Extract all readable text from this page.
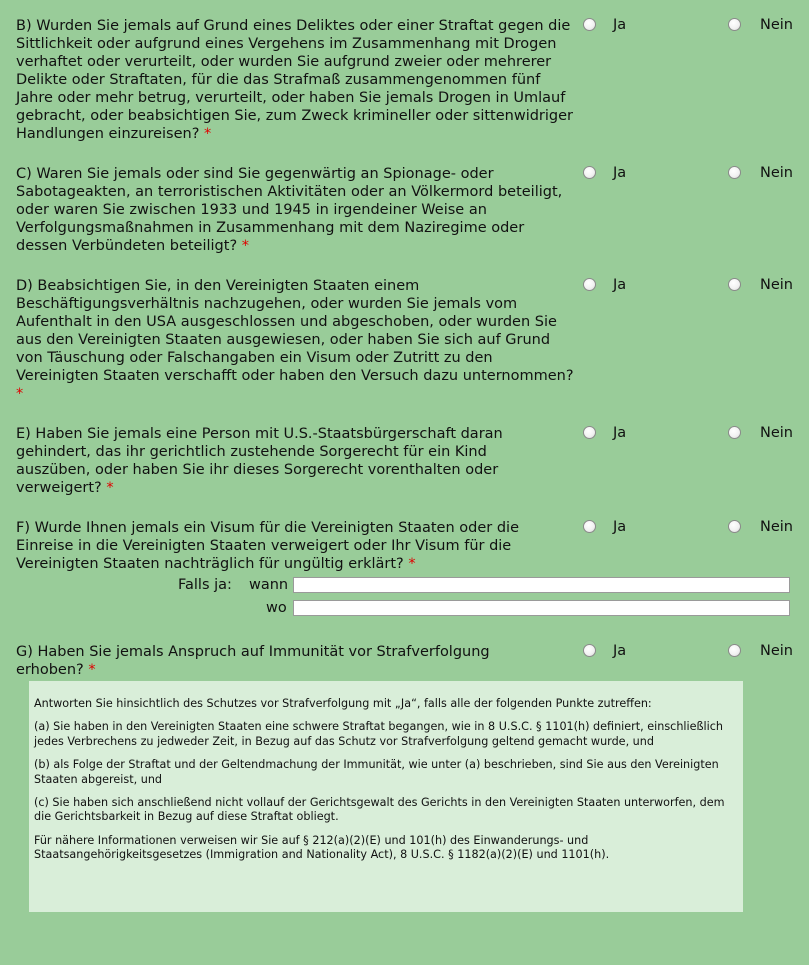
B) Wurden Sie jemals auf Grund eines Deliktes oder einer Straftat gegen die Sittlichkeit oder aufgrund eines Vergehens im Zusammenhang mit Drogen verhaftet oder verurteilt, oder wurden Sie aufgrund zweier oder mehrerer Delikte oder Straftaten, für die das Strafmaß zusammengenommen fünf Jahre oder mehr betrug, verurteilt, oder haben Sie jemals Drogen in Umlauf gebracht, oder beabsichtigen Sie, zum Zweck krimineller oder sittenwidriger Handlungen einzureisen? *
Ja	Nein
C) Waren Sie jemals oder sind Sie gegenwärtig an Spionage- oder Sabotageakten, an terroristischen Aktivitäten oder an Völkermord beteiligt, oder waren Sie zwischen 1933 und 1945 in irgendeiner Weise an Verfolgungsmaßnahmen in Zusammenhang mit dem Naziregime oder dessen Verbündeten beteiligt? *
Ja	Nein
D) Beabsichtigen Sie, in den Vereinigten Staaten einem Beschäftigungsverhältnis nachzugehen, oder wurden Sie jemals vom Aufenthalt in den USA ausgeschlossen und abgeschoben, oder wurden Sie aus den Vereinigten Staaten ausgewiesen, oder haben Sie sich auf Grund von Täuschung oder Falschangaben ein Visum oder Zutritt zu den Vereinigten Staaten verschafft oder haben den Versuch dazu unternommen? *
Ja	Nein
E) Haben Sie jemals eine Person mit U.S.-Staatsbürgerschaft daran gehindert, das ihr gerichtlich zustehende Sorgerecht für ein Kind auszüben, oder haben Sie ihr dieses Sorgerecht vorenthalten oder verweigert? *
Ja	Nein
F) Wurde Ihnen jemals ein Visum für die Vereinigten Staaten oder die Einreise in die Vereinigten Staaten verweigert oder Ihr Visum für die Vereinigten Staaten nachträglich für ungültig erklärt? *
Ja	Nein
Falls ja: wann
wo
G) Haben Sie jemals Anspruch auf Immunität vor Strafverfolgung erhoben? *
Ja	Nein

Antworten Sie hinsichtlich des Schutzes vor Strafverfolgung mit „Ja“, falls alle der folgenden Punkte zutreffen:

(a) Sie haben in den Vereinigten Staaten eine schwere Straftat begangen, wie in 8 U.S.C. § 1101(h) definiert, einschließlich jedes Verbrechens zu jedweder Zeit, in Bezug auf das Schutz vor Strafverfolgung geltend gemacht wurde, und

(b) als Folge der Straftat und der Geltendmachung der Immunität, wie unter (a) beschrieben, sind Sie aus den Vereinigten Staaten abgereist, und

(c) Sie haben sich anschließend nicht vollauf der Gerichtsgewalt des Gerichts in den Vereinigten Staaten unterworfen, dem die Gerichtsbarkeit in Bezug auf diese Straftat obliegt.

Für nähere Informationen verweisen wir Sie auf § 212(a)(2)(E) und 101(h) des Einwanderungs- und Staatsangehörigkeitsgesetzes (Immigration and Nationality Act), 8 U.S.C. § 1182(a)(2)(E) und 1101(h).
